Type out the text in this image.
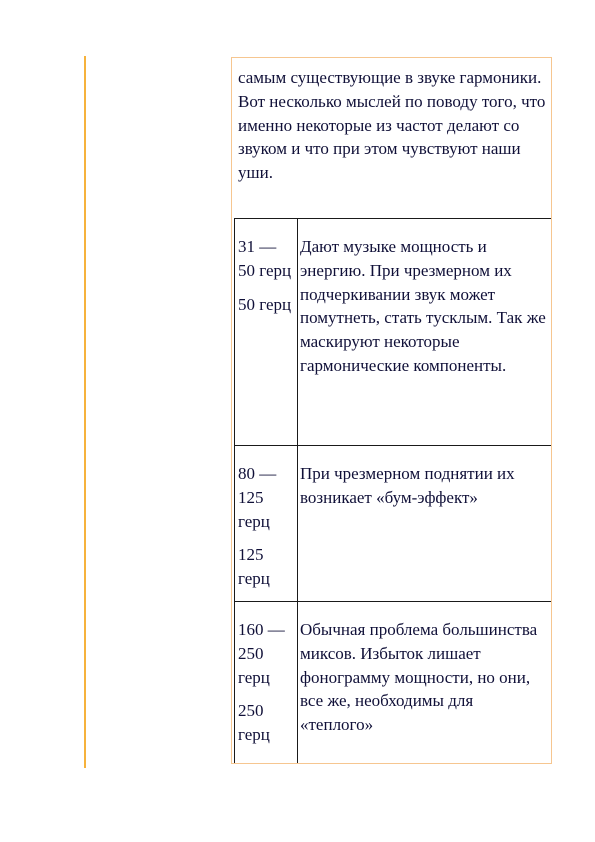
самым существующие в звуке гармоники. Вот несколько мыслей по поводу того, что именно некоторые из частот делают со звуком и что при этом чувствуют наши уши.

31 — 50 герц
50 герц	Дают музыке мощность и энергию. При чрезмерном их подчеркивании звук может помутнеть, стать тусклым. Так же маскируют некоторые гармонические компоненты.

80 — 125 герц
125 герц	При чрезмерном поднятии их возникает «бум-эффект»

160 — 250 герц
250 герц	Обычная проблема большинства миксов. Избыток лишает фонограмму мощности, но они, все же, необходимы для «теплого»
